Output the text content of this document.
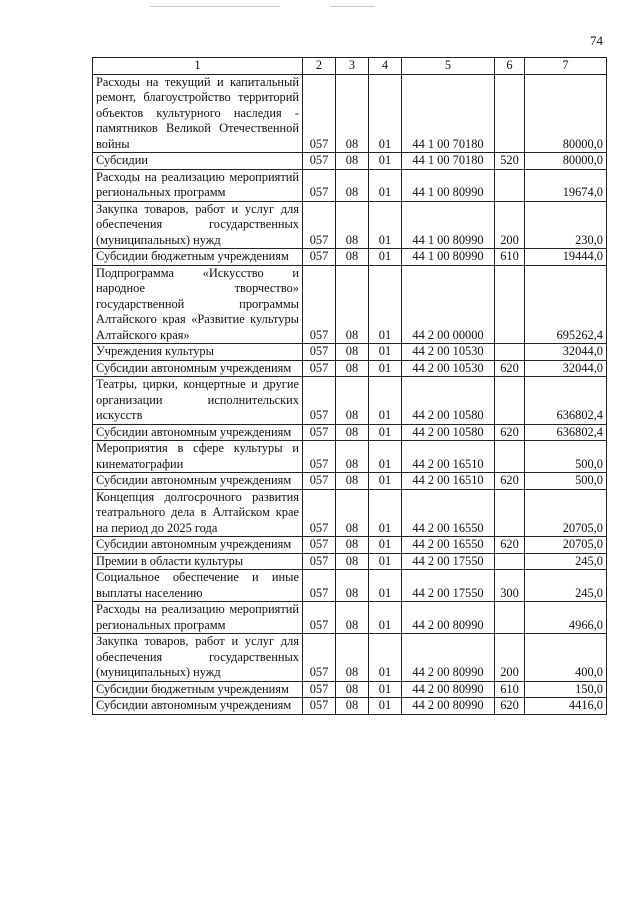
74
1	2	3	4	5	6	7
Расходы на текущий и капитальный ремонт, благоустройство территорий объектов культурного наследия - памятников Великой Отечественной войны	057	08	01	44 1 00 70180		80000,0
Субсидии	057	08	01	44 1 00 70180	520	80000,0
Расходы на реализацию мероприятий региональных программ	057	08	01	44 1 00 80990		19674,0
Закупка товаров, работ и услуг для обеспечения государственных (муниципальных) нужд	057	08	01	44 1 00 80990	200	230,0
Субсидии бюджетным учреждениям	057	08	01	44 1 00 80990	610	19444,0
Подпрограмма «Искусство и народное творчество» государственной программы Алтайского края «Развитие культуры Алтайского края»	057	08	01	44 2 00 00000		695262,4
Учреждения культуры	057	08	01	44 2 00 10530		32044,0
Субсидии автономным учреждениям	057	08	01	44 2 00 10530	620	32044,0
Театры, цирки, концертные и другие организации исполнительских искусств	057	08	01	44 2 00 10580		636802,4
Субсидии автономным учреждениям	057	08	01	44 2 00 10580	620	636802,4
Мероприятия в сфере культуры и кинематографии	057	08	01	44 2 00 16510		500,0
Субсидии автономным учреждениям	057	08	01	44 2 00 16510	620	500,0
Концепция долгосрочного развития театрального дела в Алтайском крае на период до 2025 года	057	08	01	44 2 00 16550		20705,0
Субсидии автономным учреждениям	057	08	01	44 2 00 16550	620	20705,0
Премии в области культуры	057	08	01	44 2 00 17550		245,0
Социальное обеспечение и иные выплаты населению	057	08	01	44 2 00 17550	300	245,0
Расходы на реализацию мероприятий региональных программ	057	08	01	44 2 00 80990		4966,0
Закупка товаров, работ и услуг для обеспечения государственных (муниципальных) нужд	057	08	01	44 2 00 80990	200	400,0
Субсидии бюджетным учреждениям	057	08	01	44 2 00 80990	610	150,0
Субсидии автономным учреждениям	057	08	01	44 2 00 80990	620	4416,0
